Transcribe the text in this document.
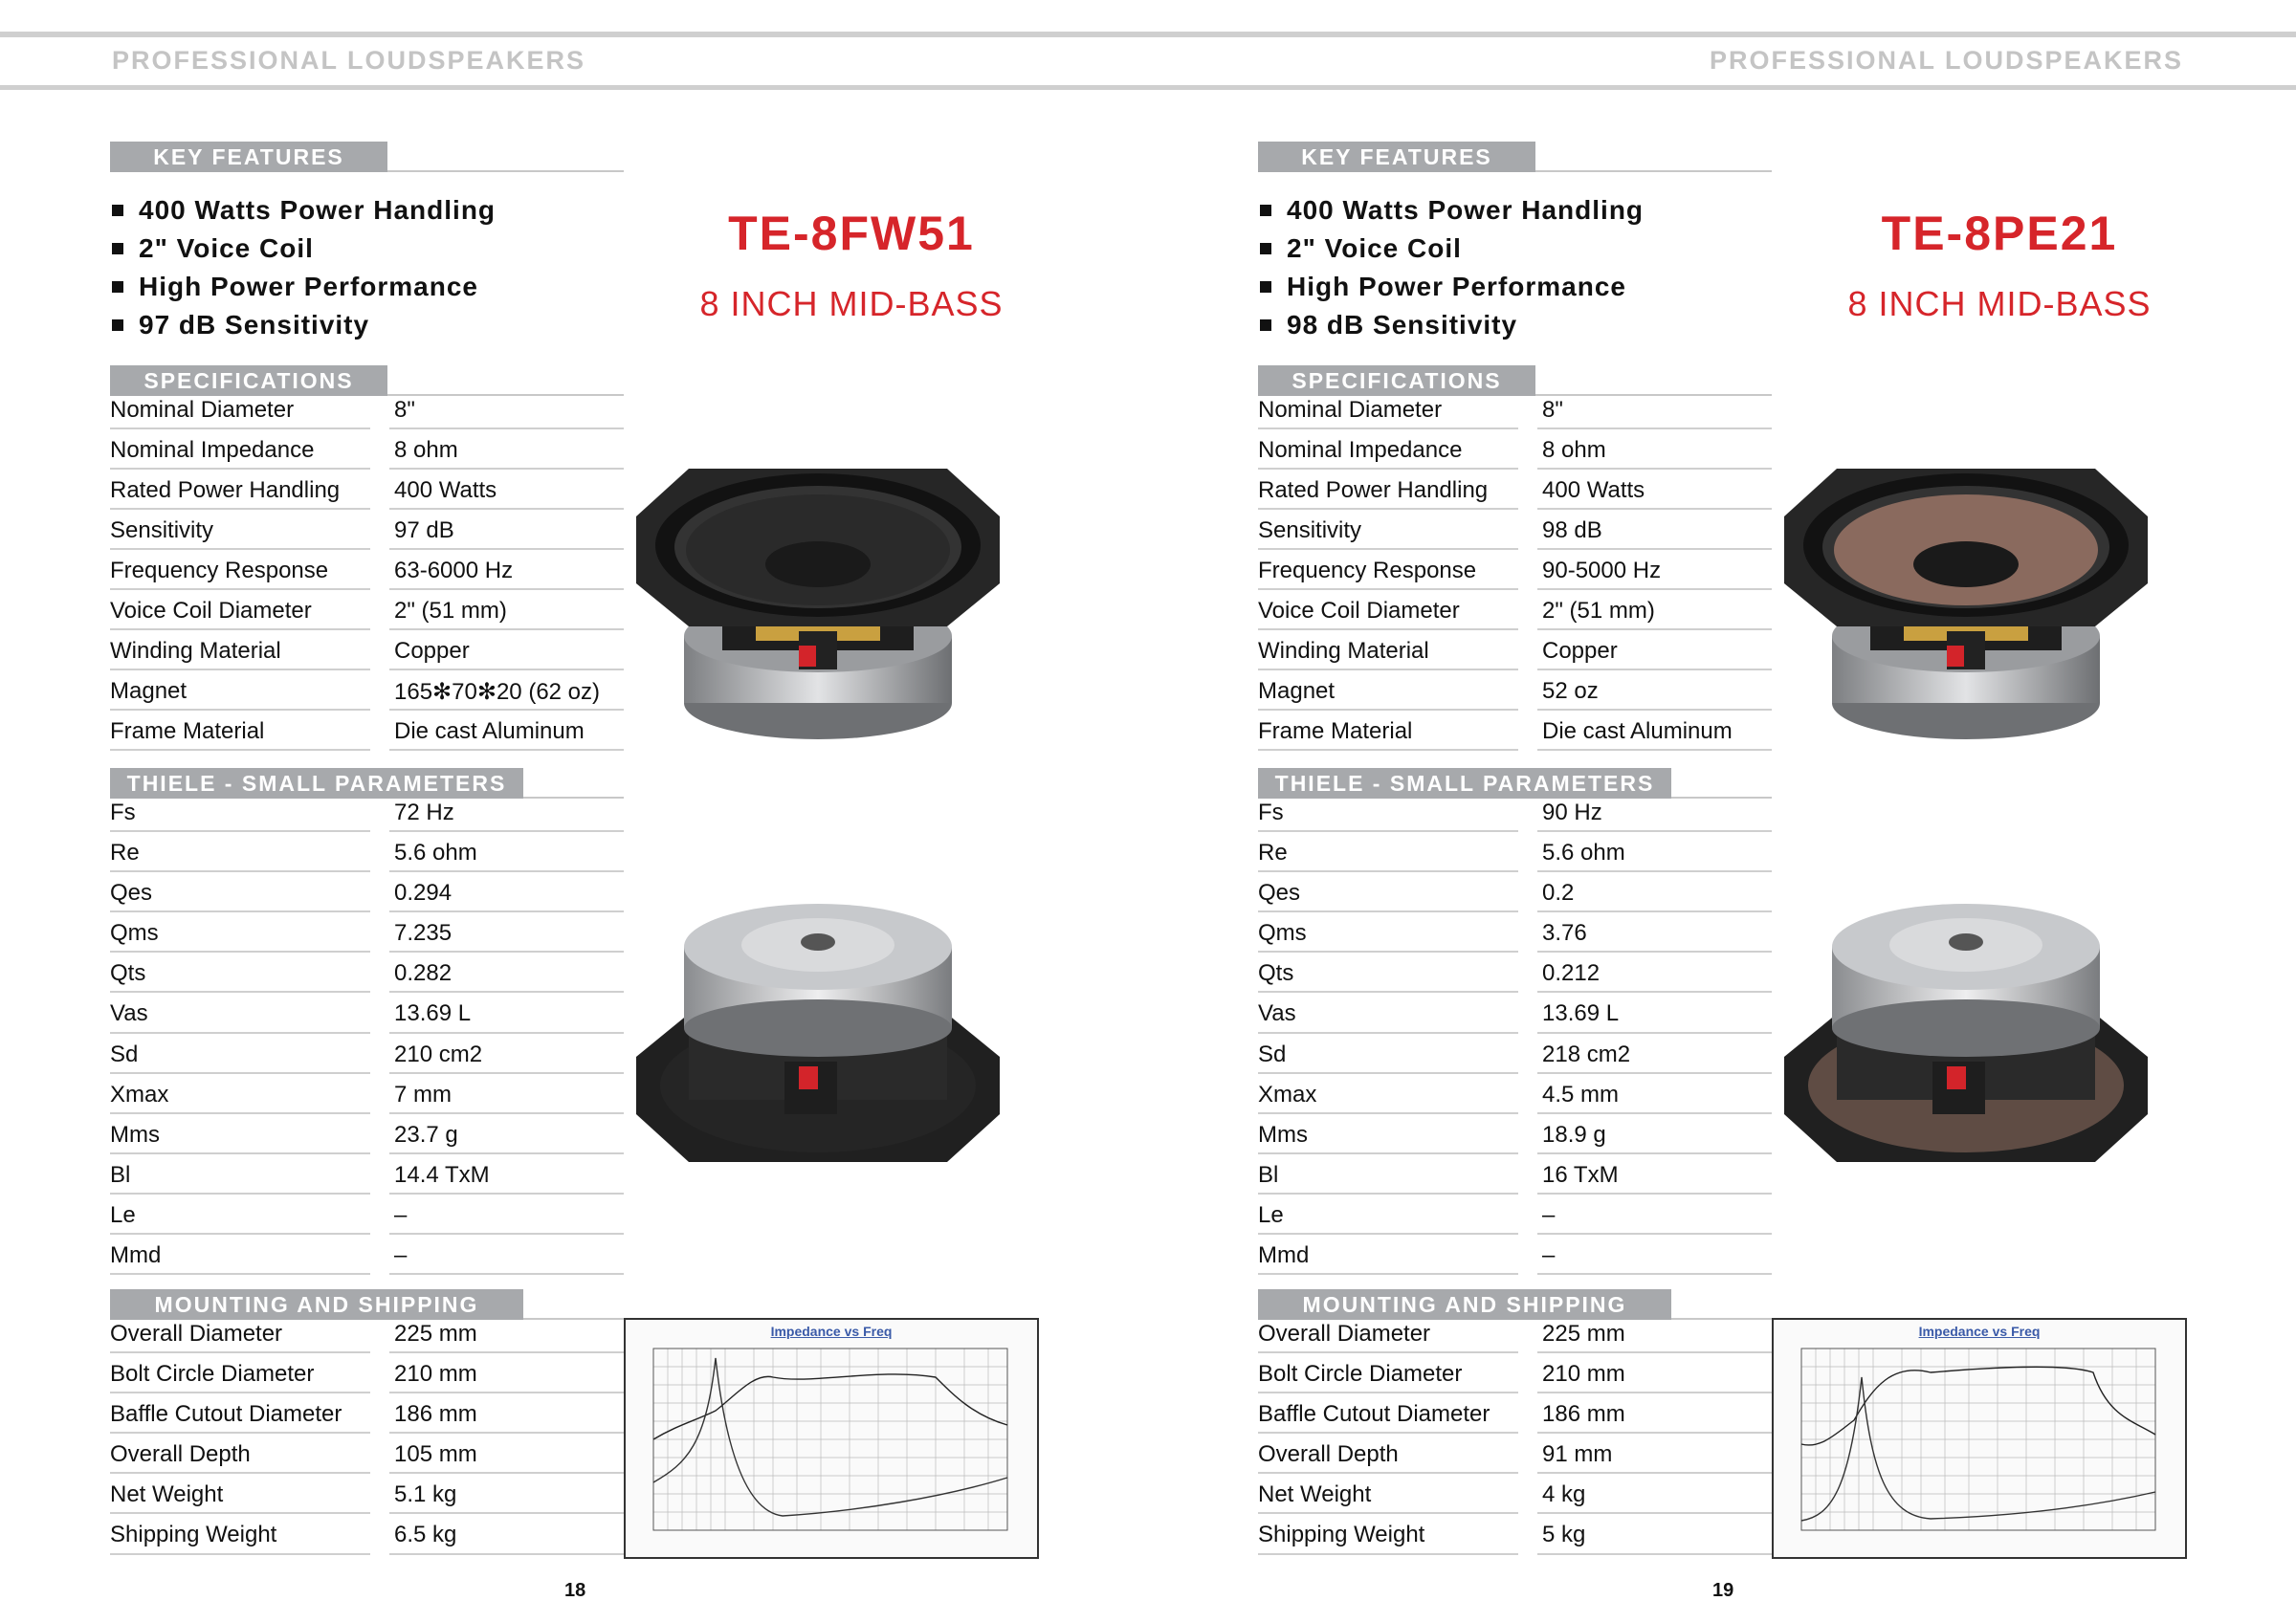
PROFESSIONAL LOUDSPEAKERS	PROFESSIONAL LOUDSPEAKERS
KEY FEATURES
400 Watts Power Handling
2" Voice Coil
High Power Performance
97 dB Sensitivity
TE-8FW51
8 INCH MID-BASS
SPECIFICATIONS
Nominal Diameter	8"
Nominal Impedance	8 ohm
Rated Power Handling 400 Watts
Sensitivity	97 dB
Frequency Response	63-6000 Hz
Voice Coil Diameter	2" (51 mm)
Winding Material	Copper
Magnet	165✻70✻20 (62 oz)
Frame Material	Die cast Aluminum
THIELE - SMALL PARAMETERS
Fs	72 Hz
Re	5.6 ohm
Qes	0.294
Qms	7.235
Qts	0.282
Vas	13.69 L
Sd	210 cm2
Xmax	7 mm
Mms	23.7 g
Bl	14.4 TxM
Le	–
Mmd	–
MOUNTING AND SHIPPING
Overall Diameter	225 mm
Bolt Circle Diameter	210 mm
Baffle Cutout Diameter 186 mm
Overall Depth	105 mm
Net Weight	5.1 kg
Shipping Weight	6.5 kg
Impedance vs Freq
18
KEY FEATURES
400 Watts Power Handling
2" Voice Coil
High Power Performance
98 dB Sensitivity
TE-8PE21
8 INCH MID-BASS
SPECIFICATIONS
Nominal Diameter	8"
Nominal Impedance	8 ohm
Rated Power Handling 400 Watts
Sensitivity	98 dB
Frequency Response	90-5000 Hz
Voice Coil Diameter	2" (51 mm)
Winding Material	Copper
Magnet	52 oz
Frame Material	Die cast Aluminum
THIELE - SMALL PARAMETERS
Fs	90 Hz
Re	5.6 ohm
Qes	0.2
Qms	3.76
Qts	0.212
Vas	13.69 L
Sd	218 cm2
Xmax	4.5 mm
Mms	18.9 g
Bl	16 TxM
Le	–
Mmd	–
MOUNTING AND SHIPPING
Overall Diameter	225 mm
Bolt Circle Diameter	210 mm
Baffle Cutout Diameter 186 mm
Overall Depth	91 mm
Net Weight	4 kg
Shipping Weight	5 kg
Impedance vs Freq
19
